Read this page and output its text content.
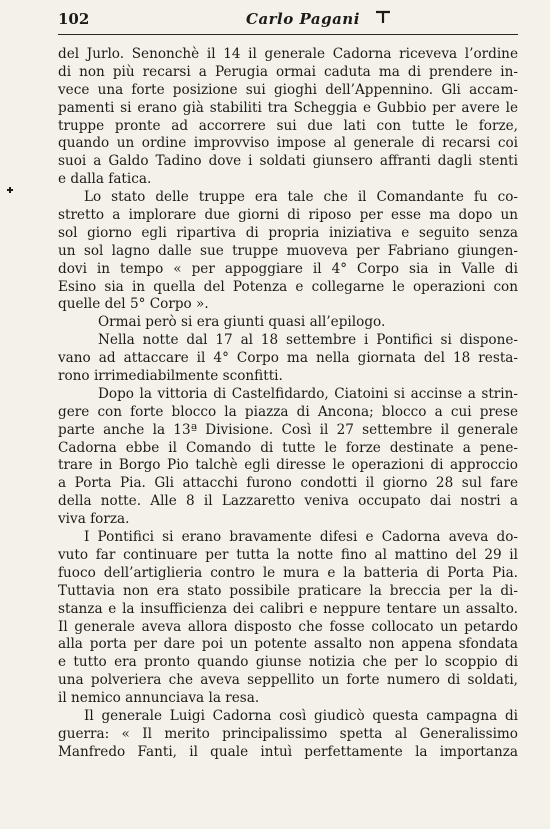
102	Carlo Pagani
del Jurlo. Senonchè il 14 il generale Cadorna riceveva l’ordine
di non più recarsi a Perugia ormai caduta ma di prendere in-
vece una forte posizione sui gioghi dell’Appennino. Gli accam-
pamenti si erano già stabiliti tra Scheggia e Gubbio per avere le
truppe pronte ad accorrere sui due lati con tutte le forze,
quando un ordine improvviso impose al generale di recarsi coi
suoi a Galdo Tadino dove i soldati giunsero affranti dagli stenti
e dalla fatica.
Lo stato delle truppe era tale che il Comandante fu co-
stretto a implorare due giorni di riposo per esse ma dopo un
sol giorno egli ripartiva di propria iniziativa e seguito senza
un sol lagno dalle sue truppe muoveva per Fabriano giungen-
dovi in tempo « per appoggiare il 4° Corpo sia in Valle di
Esino sia in quella del Potenza e collegarne le operazioni con
quelle del 5° Corpo ».
Ormai però si era giunti quasi all’epilogo.
Nella notte dal 17 al 18 settembre i Pontifici si dispone-
vano ad attaccare il 4° Corpo ma nella giornata del 18 resta-
rono irrimediabilmente sconfitti.
Dopo la vittoria di Castelfidardo, Ciatoini si accinse a strin-
gere con forte blocco la piazza di Ancona; blocco a cui prese
parte anche la 13ª Divisione. Così il 27 settembre il generale
Cadorna ebbe il Comando di tutte le forze destinate a pene-
trare in Borgo Pio talchè egli diresse le operazioni di approccio
a Porta Pia. Gli attacchi furono condotti il giorno 28 sul fare
della notte. Alle 8 il Lazzaretto veniva occupato dai nostri a
viva forza.
I Pontifici si erano bravamente difesi e Cadorna aveva do-
vuto far continuare per tutta la notte fino al mattino del 29 il
fuoco dell’artiglieria contro le mura e la batteria di Porta Pia.
Tuttavia non era stato possibile praticare la breccia per la di-
stanza e la insufficienza dei calibri e neppure tentare un assalto.
Il generale aveva allora disposto che fosse collocato un petardo
alla porta per dare poi un potente assalto non appena sfondata
e tutto era pronto quando giunse notizia che per lo scoppio di
una polveriera che aveva seppellito un forte numero di soldati,
il nemico annunciava la resa.
Il generale Luigi Cadorna così giudicò questa campagna di
guerra: « Il merito principalissimo spetta al Generalissimo
Manfredo Fanti, il quale intuì perfettamente la importanza
